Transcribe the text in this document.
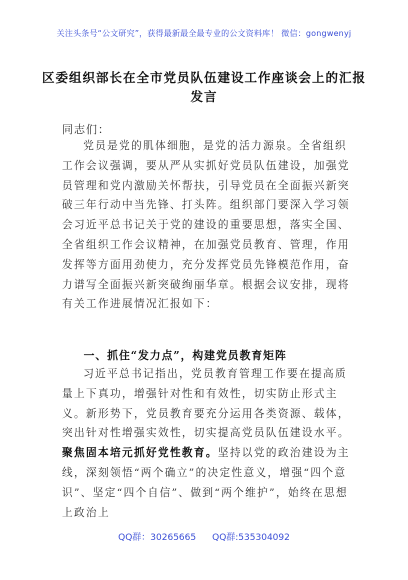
关注头条号“公文研究”，获得最新最全最专业的公文资料库！ 微信：gongwenyj
区委组织部长在全市党员队伍建设工作座谈会上的汇报发言
同志们：

党员是党的肌体细胞，是党的活力源泉。全省组织工作会议强调，要从严从实抓好党员队伍建设，加强党员管理和党内激励关怀帮扶，引导党员在全面振兴新突破三年行动中当先锋、打头阵。组织部门要深入学习领会习近平总书记关于党的建设的重要思想，落实全国、全省组织工作会议精神，在加强党员教育、管理，作用发挥等方面用劲使力，充分发挥党员先锋模范作用，奋力谱写全面振兴新突破绚丽华章。根据会议安排，现将有关工作进展情况汇报如下：

一、抓住“发力点”，构建党员教育矩阵

习近平总书记指出，党员教育管理工作要在提高质量上下真功，增强针对性和有效性，切实防止形式主义。新形势下，党员教育要充分运用各类资源、载体，突出针对性增强实效性，切实提高党员队伍建设水平。聚焦固本培元抓好党性教育。坚持以党的政治建设为主线，深刻领悟“两个确立”的决定性意义，增强“四个意识”、坚定“四个自信”、做到“两个维护”，始终在思想上政治上

QQ群：30265665 QQ群:535304092
